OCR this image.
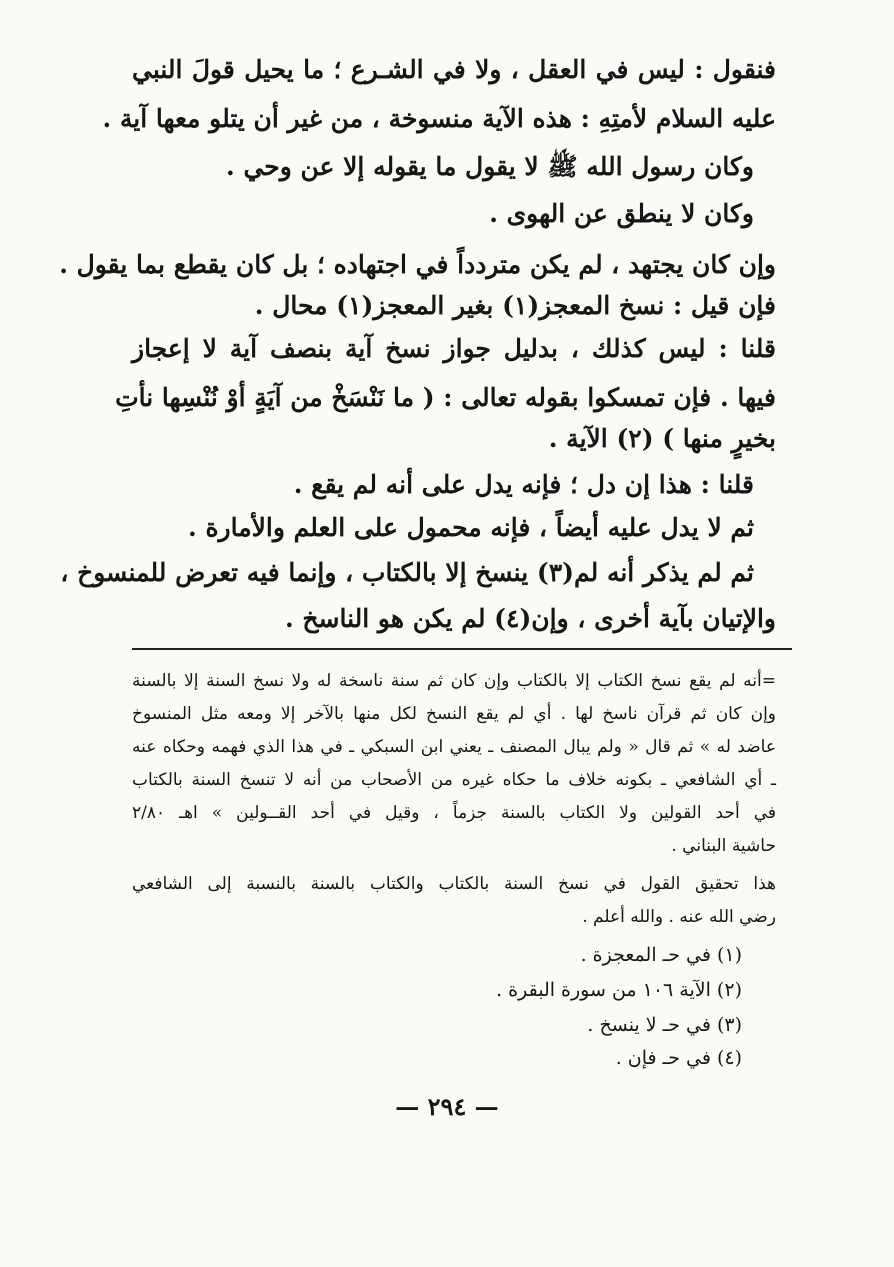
فنقول : ليس في العقل ، ولا في الشـرع ؛ ما يحيل قولَ النبي
عليه السلام لأمتِهِ : هذه الآية منسوخة ، من غير أن يتلو معها آية .
وكان رسول الله ﷺ لا يقول ما يقوله إلا عن وحي .
وكان لا ينطق عن الهوى .
وإن كان يجتهد ، لم يكن متردداً في اجتهاده ؛ بل كان يقطع بما يقول .
فإن قيل : نسخ المعجز(١) بغير المعجز(١) محال .
قلنا : ليس كذلك ، بدليل جواز نسخ آية بنصف آية لا إعجاز
فيها . فإن تمسكوا بقوله تعالى : ( ما نَنْسَخْ من آيَةٍ أوْ نُنْسِها نأتِ
بخيرٍ منها ) (٢) الآية .
قلنا : هذا إن دل ؛ فإنه يدل على أنه لم يقع .
ثم لا يدل عليه أيضاً ، فإنه محمول على العلم والأمارة .
ثم لم يذكر أنه لم(٣) ينسخ إلا بالكتاب ، وإنما فيه تعرض للمنسوخ ،
والإتيان بآية أخرى ، وإن(٤) لم يكن هو الناسخ .
=أنه لم يقع نسخ الكتاب إلا بالكتاب وإن كان ثم سنة ناسخة له ولا نسخ السنة إلا بالسنة
وإن كان ثم قرآن ناسخ لها . أي لم يقع النسخ لكل منها بالآخر إلا ومعه مثل المنسوخ
عاضد له » ثم قال « ولم يبال المصنف ـ يعني ابن السبكي ـ في هذا الذي فهمه وحكاه عنه
ـ أي الشافعي ـ بكونه خلاف ما حكاه غيره من الأصحاب من أنه لا تنسخ السنة بالكتاب
في أحد القولين ولا الكتاب بالسنة جزماً ، وقيل في أحد القــولين » اهـ ٢/٨٠
حاشية البناني .
هذا تحقيق القول في نسخ السنة بالكتاب والكتاب بالسنة بالنسبة إلى الشافعي
رضي الله عنه . والله أعلم .
(١) في حـ المعجزة .
(٢) الآية ١٠٦ من سورة البقرة .
(٣) في حـ لا ينسخ .
(٤) في حـ فإن .
— ٢٩٤ —
